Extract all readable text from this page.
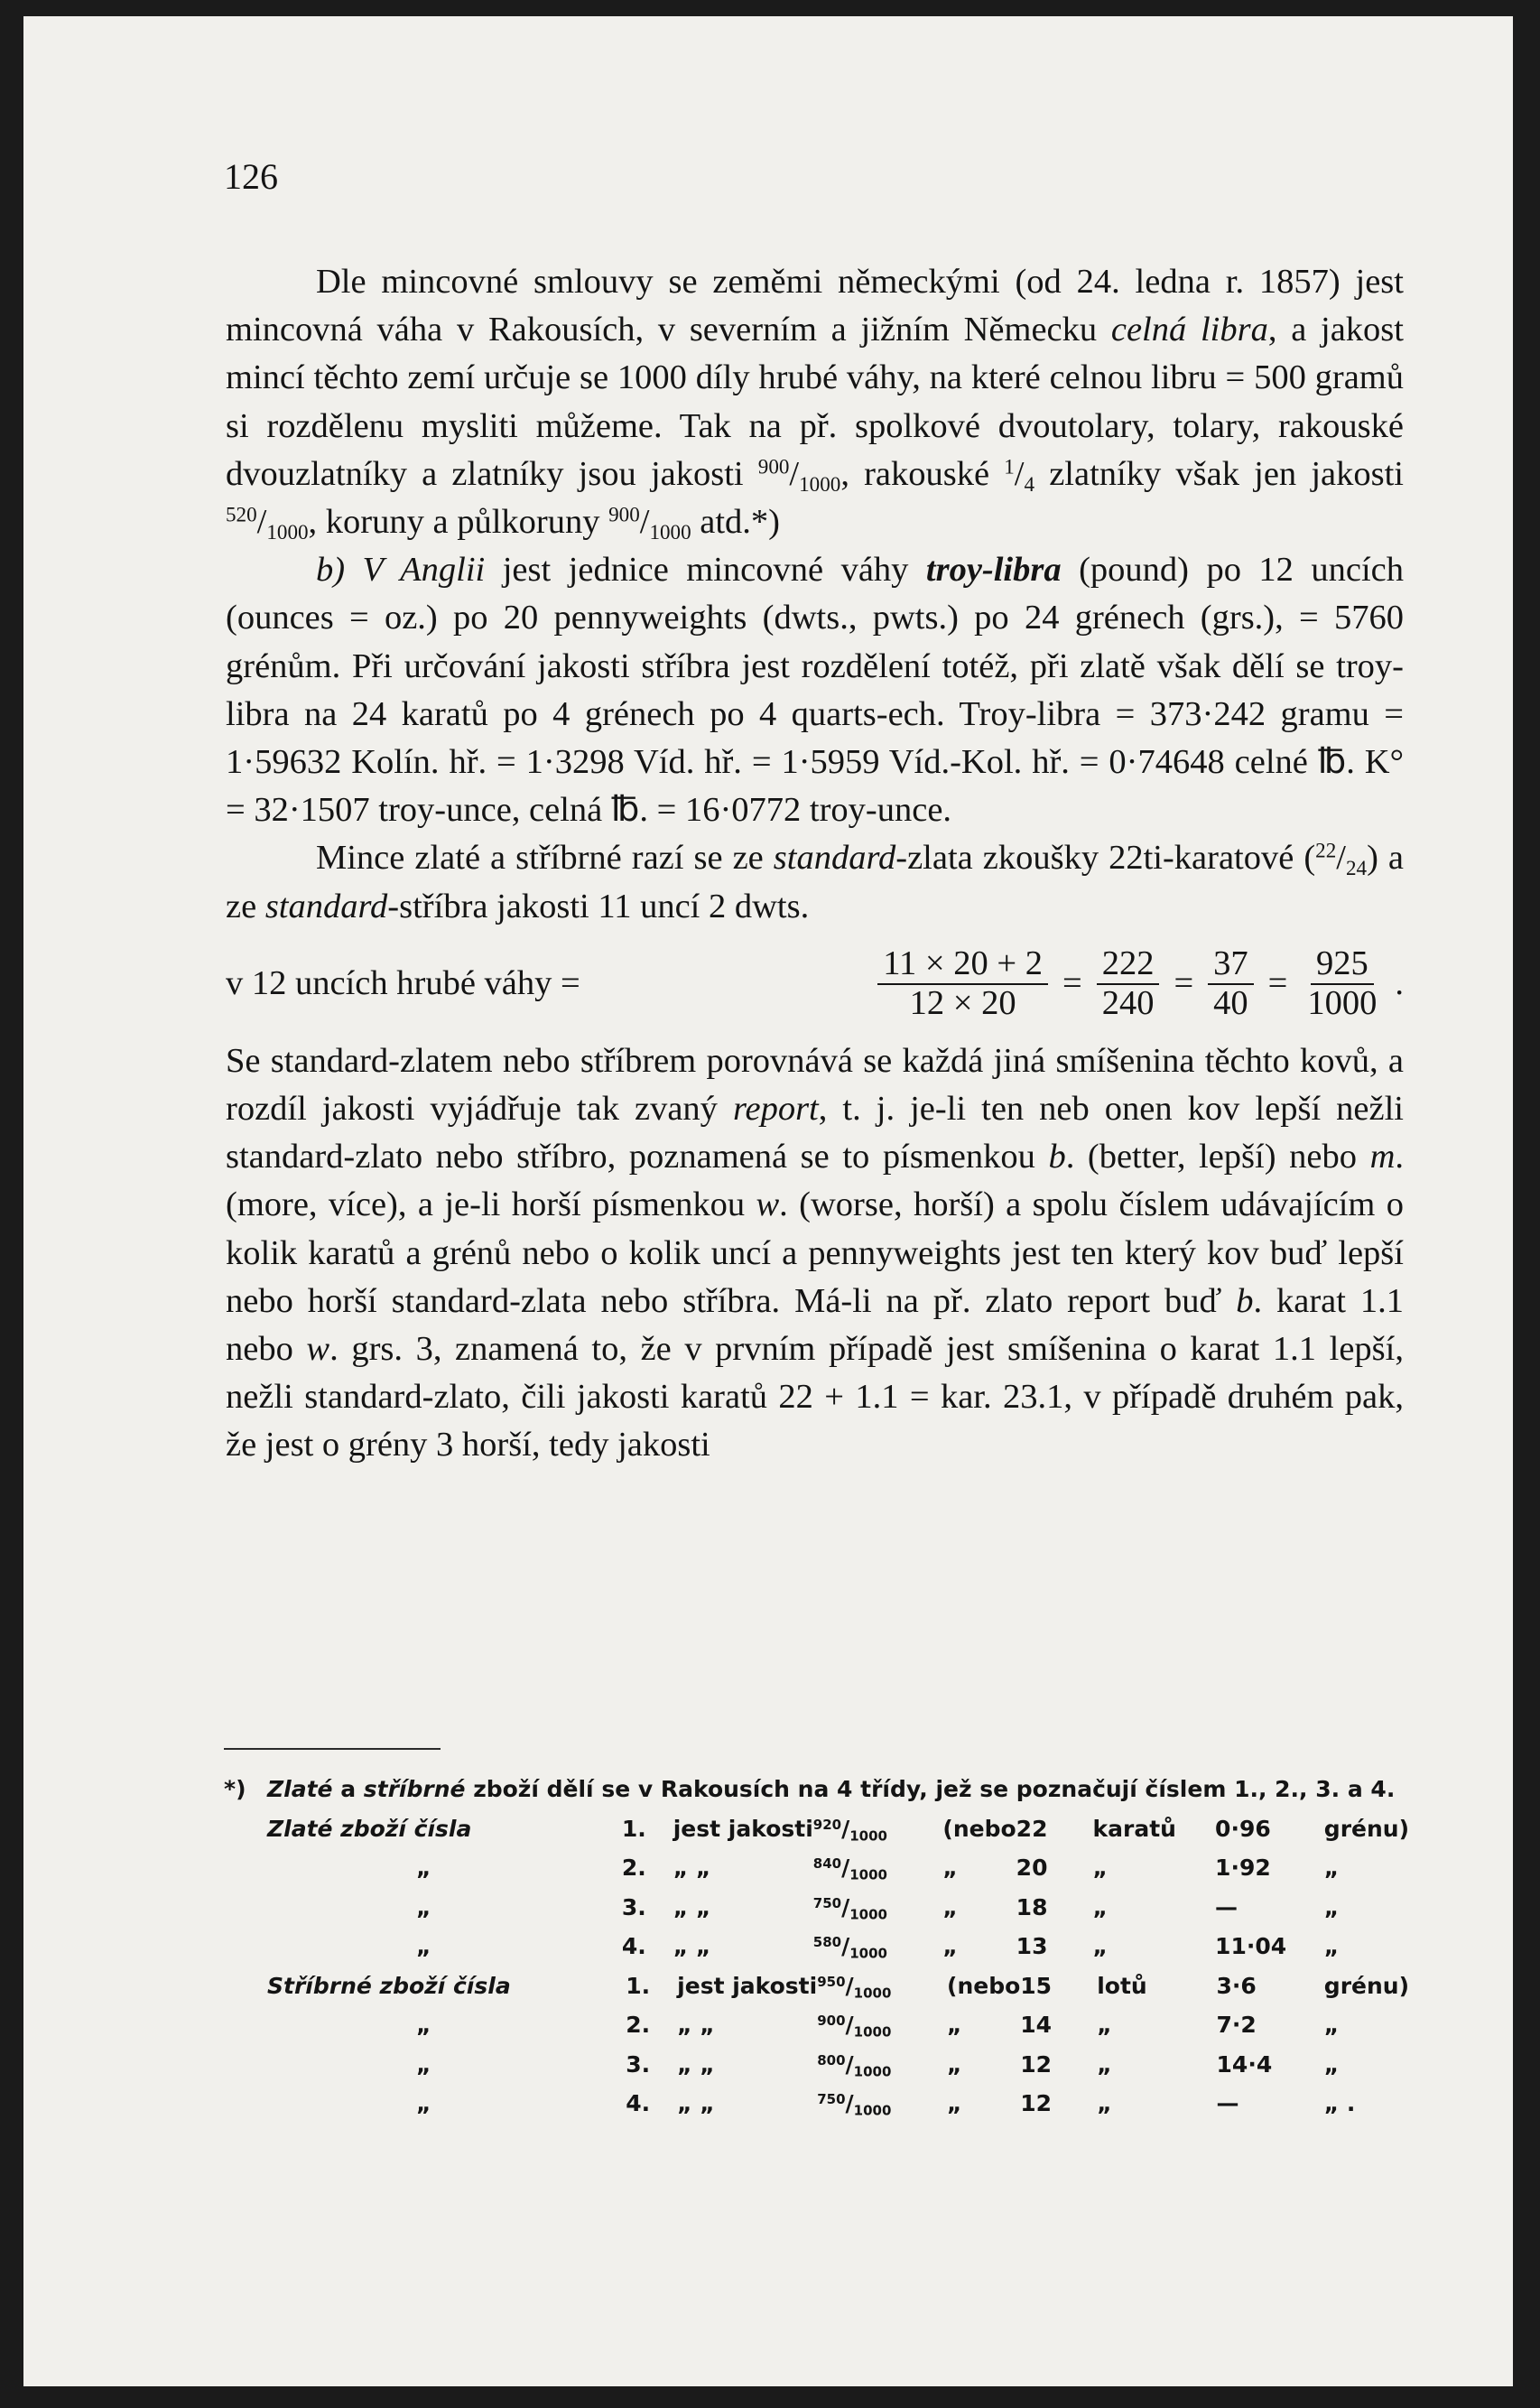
126

Dle mincovné smlouvy se zeměmi německými (od 24. ledna r. 1857) jest mincovná váha v Rakousích, v severním a jižním Německu celná libra, a jakost mincí těchto zemí určuje se 1000 díly hrubé váhy, na které celnou libru = 500 gramů si rozdělenu mysliti můžeme. Tak na př. spolkové dvoutolary, tolary, rakouské dvouzlatníky a zlatníky jsou jakosti $^{900}$/1000, rakouské $^1$/4 zlatníky však jen jakosti $^{520}$/1000, koruny a půlkoruny $^{900}$/1000 atd.*)

b) V Anglii jest jednice mincovné váhy troy-libra (pound) po 12 uncích (ounces = oz.) po 20 pennyweights (dwts., pwts.) po 24 grénech (grs.), = 5760 grénům. Při určování jakosti stříbra jest rozdělení totéž, při zlatě však dělí se troy-libra na 24 karatů po 4 grénech po 4 quarts-ech. Troy-libra = 373·242 gramu = 1·59632 Kolín. hř. = 1·3298 Víd. hř. = 1·5959 Víd.-Kol. hř. = 0·74648 celné ℔. K° = 32·1507 troy-unce, celná ℔. = 16·0772 troy-unce.

Mince zlaté a stříbrné razí se ze standard-zlata zkoušky 22ti-karatové ($^{22}$/24) a ze standard-stříbra jakosti 11 uncí 2 dwts.

v 12 uncích hrubé váhy =	$\frac{11 \times 20 + 2}{12 \times 20} = \frac{222}{240} = \frac{37}{40} = \frac{925}{1000}$ .

Se standard-zlatem nebo stříbrem porovnává se každá jiná smíšenina těchto kovů, a rozdíl jakosti vyjádřuje tak zvaný report, t. j. je-li ten neb onen kov lepší nežli standard-zlato nebo stříbro, poznamená se to písmenkou b. (better, lepší) nebo m. (more, více), a je-li horší písmenkou w. (worse, horší) a spolu číslem udávajícím o kolik karatů a grénů nebo o kolik uncí a pennyweights jest ten který kov buď lepší nebo horší standard-zlata nebo stříbra. Má-li na př. zlato report buď b. karat 1.1 nebo w. grs. 3, znamená to, že v prvním případě jest smíšenina o karat 1.1 lepší, nežli standard-zlato, čili jakosti karatů 22 + 1.1 = kar. 23.1, v případě druhém pak, že jest o grény 3 horší, tedy jakosti

*) Zlaté a stříbrné zboží dělí se v Rakousích na 4 třídy, jež se poznačují číslem 1., 2., 3. a 4.

Zlaté zboží čísla	1.	jest jakosti	$^{920}$/1000	(nebo	22	karatů	0·96	grénu)
„	2.	„ „	$^{840}$/1000	„	20	„	1·92	„
„	3.	„ „	$^{750}$/1000	„	18	„	—	„
„	4.	„ „	$^{580}$/1000	„	13	„	11·04	„
Stříbrné zboží čísla	1.	jest jakosti	$^{950}$/1000	(nebo	15	lotů	3·6	grénu)
„	2.	„ „	$^{900}$/1000	„	14	„	7·2	„
„	3.	„ „	$^{800}$/1000	„	12	„	14·4	„
„	4.	„ „	$^{750}$/1000	„	12	„	—	„ .
